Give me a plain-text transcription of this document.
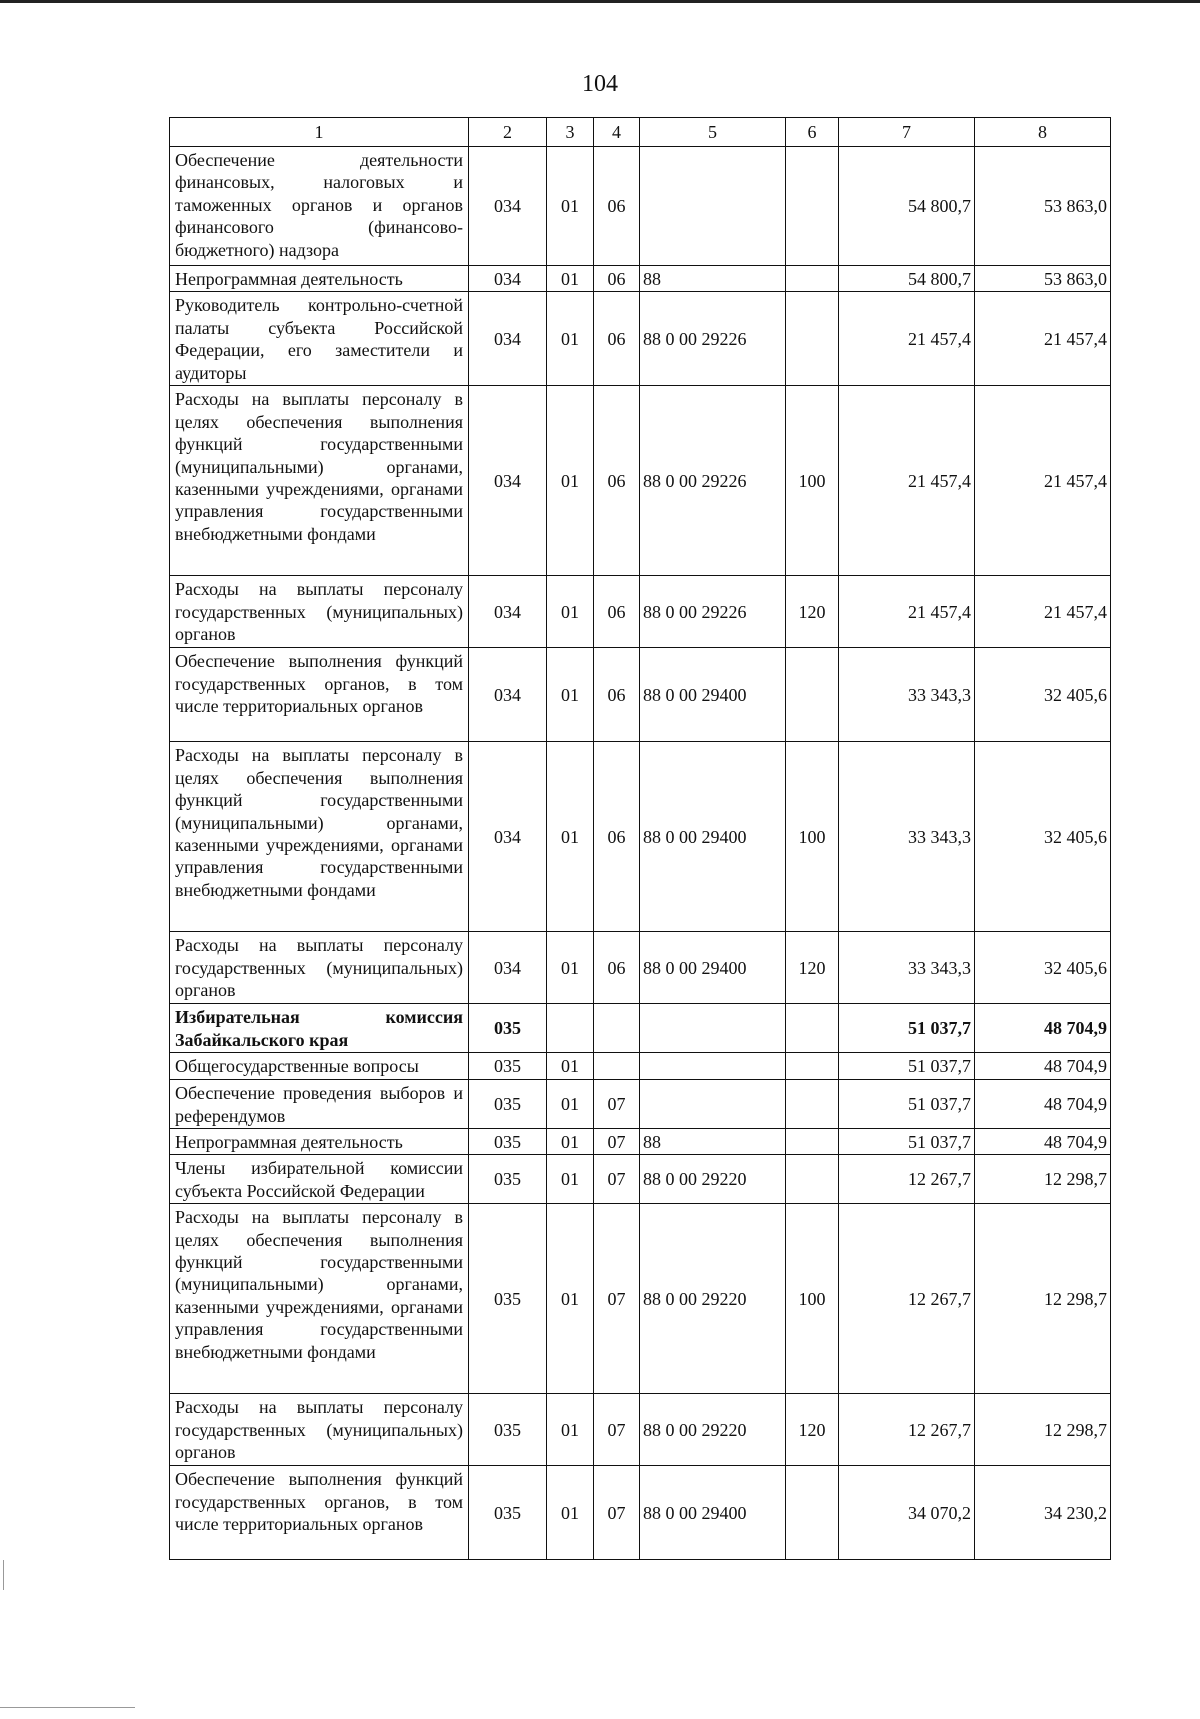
104
1	2	3	4	5	6	7	8
Обеспечение деятельности финансовых, налоговых и таможенных органов и органов финансового (финансово-бюджетного) надзора	034	01	06			54 800,7	53 863,0
Непрограммная деятельность	034	01	06	88		54 800,7	53 863,0
Руководитель контрольно-счетной палаты субъекта Российской Федерации, его заместители и аудиторы	034	01	06	88 0 00 29226		21 457,4	21 457,4
Расходы на выплаты персоналу в целях обеспечения выполнения функций государственными (муниципальными) органами, казенными учреждениями, органами управления государственными внебюджетными фондами	034	01	06	88 0 00 29226	100	21 457,4	21 457,4
Расходы на выплаты персоналу государственных (муниципальных) органов	034	01	06	88 0 00 29226	120	21 457,4	21 457,4
Обеспечение выполнения функций государственных органов, в том числе территориальных органов	034	01	06	88 0 00 29400		33 343,3	32 405,6
Расходы на выплаты персоналу в целях обеспечения выполнения функций государственными (муниципальными) органами, казенными учреждениями, органами управления государственными внебюджетными фондами	034	01	06	88 0 00 29400	100	33 343,3	32 405,6
Расходы на выплаты персоналу государственных (муниципальных) органов	034	01	06	88 0 00 29400	120	33 343,3	32 405,6
Избирательная комиссия Забайкальского края	035					51 037,7	48 704,9
Общегосударственные вопросы	035	01				51 037,7	48 704,9
Обеспечение проведения выборов и референдумов	035	01	07			51 037,7	48 704,9
Непрограммная деятельность	035	01	07	88		51 037,7	48 704,9
Члены избирательной комиссии субъекта Российской Федерации	035	01	07	88 0 00 29220		12 267,7	12 298,7
Расходы на выплаты персоналу в целях обеспечения выполнения функций государственными (муниципальными) органами, казенными учреждениями, органами управления государственными внебюджетными фондами	035	01	07	88 0 00 29220	100	12 267,7	12 298,7
Расходы на выплаты персоналу государственных (муниципальных) органов	035	01	07	88 0 00 29220	120	12 267,7	12 298,7
Обеспечение выполнения функций государственных органов, в том числе территориальных органов	035	01	07	88 0 00 29400		34 070,2	34 230,2
